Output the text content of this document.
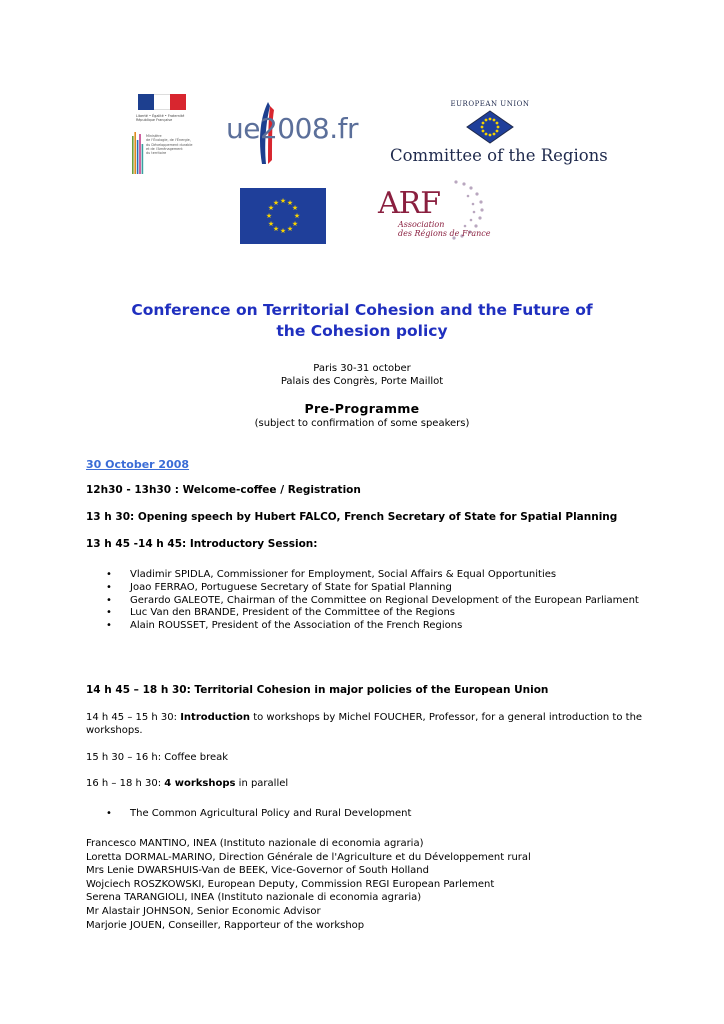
Liberté • Égalité • Fraternité
République Française
Ministère
de l'Écologie, de l'Énergie,
du Développement durable
et de l'Aménagement
du territoire
ue2008.fr
EUROPEAN UNION
Committee of the Regions
★ ★
★
★
★
★
★
★
★
★
★
★	ARF
Association
des Régions de France
Conference on Territorial Cohesion and the Future of
the Cohesion policy
Paris 30-31 october
Palais des Congrès, Porte Maillot
Pre-Programme
(subject to confirmation of some speakers)
30 October 2008
12h30 - 13h30 : Welcome-coffee / Registration
13 h 30: Opening speech by Hubert FALCO, French Secretary of State for Spatial Planning
13 h 45 -14 h 45: Introductory Session:
• Vladimir SPIDLA, Commissioner for Employment, Social Affairs & Equal Opportunities
• Joao FERRAO, Portuguese Secretary of State for Spatial Planning
• Gerardo GALEOTE, Chairman of the Committee on Regional Development of the European Parliament
• Luc Van den BRANDE, President of the Committee of the Regions
• Alain ROUSSET, President of the Association of the French Regions
14 h 45 – 18 h 30: Territorial Cohesion in major policies of the European Union
14 h 45 – 15 h 30: Introduction to workshops by Michel FOUCHER, Professor, for a general introduction to the workshops.
15 h 30 – 16 h: Coffee break
16 h – 18 h 30: 4 workshops in parallel
• The Common Agricultural Policy and Rural Development
Francesco MANTINO, INEA (Instituto nazionale di economia agraria)
Loretta DORMAL-MARINO, Direction Générale de l'Agriculture et du Développement rural
Mrs Lenie DWARSHUIS-Van de BEEK, Vice-Governor of South Holland
Wojciech ROSZKOWSKI, European Deputy, Commission REGI European Parlement
Serena TARANGIOLI, INEA (Instituto nazionale di economia agraria)
Mr Alastair JOHNSON, Senior Economic Advisor
Marjorie JOUEN, Conseiller, Rapporteur of the workshop
